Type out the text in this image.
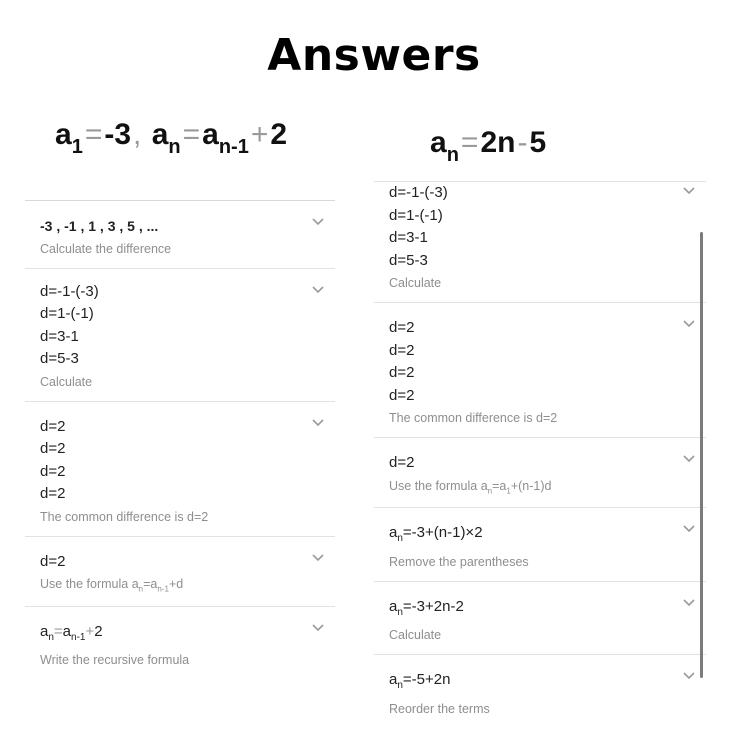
Answers
$a_1=-3$, $a_n=a_{n-1}+2$	$a_n=2n-5$
-3 , -1 , 1 , 3 , 5 , ...
Calculate the difference
d=-1-(-3)
d=1-(-1)
d=3-1
d=5-3
Calculate
d=2
d=2
d=2
d=2
The common difference is d=2
d=2
Use the formula $a_n=a_{n-1}+d$
$a_n=a_{n-1}+2$
Write the recursive formula
d=-1-(-3)
d=1-(-1)
d=3-1
d=5-3
Calculate
d=2
d=2
d=2
d=2
The common difference is d=2
d=2
Use the formula $a_n=a_1+(n-1)d$
$a_n=-3+(n-1)\times 2$
Remove the parentheses
$a_n=-3+2n-2$
Calculate
$a_n=-5+2n$
Reorder the terms
